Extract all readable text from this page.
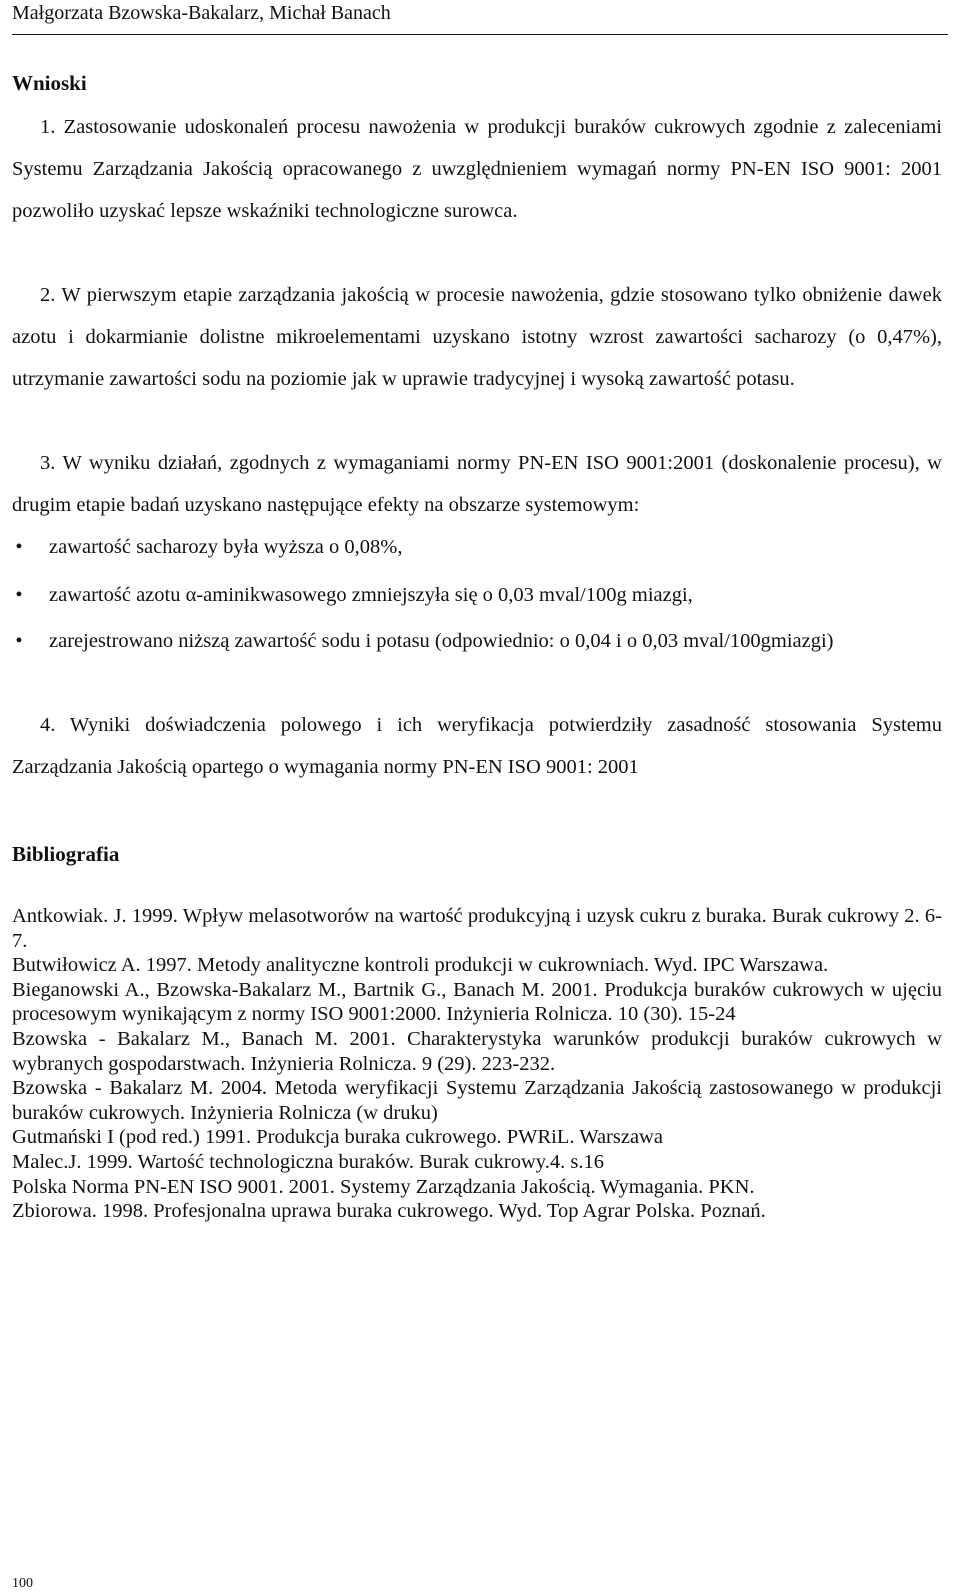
Małgorzata Bzowska-Bakalarz, Michał Banach
Wnioski
1. Zastosowanie udoskonaleń procesu nawożenia w produkcji buraków cukrowych zgodnie z zaleceniami Systemu Zarządzania Jakością opracowanego z uwzględnieniem wymagań normy PN-EN ISO 9001: 2001 pozwoliło uzyskać lepsze wskaźniki technologiczne surowca.
2. W pierwszym etapie zarządzania jakością w procesie nawożenia, gdzie stosowano tylko obniżenie dawek azotu i dokarmianie dolistne mikroelementami uzyskano istotny wzrost zawartości sacharozy (o 0,47%), utrzymanie zawartości sodu na poziomie jak w uprawie tradycyjnej i wysoką zawartość potasu.
3. W wyniku działań, zgodnych z wymaganiami normy PN-EN ISO 9001:2001 (doskonalenie procesu), w drugim etapie badań uzyskano następujące efekty na obszarze systemowym:
• zawartość sacharozy była wyższa o 0,08%,
• zawartość azotu α-aminikwasowego zmniejszyła się o 0,03 mval/100g miazgi,
• zarejestrowano niższą zawartość sodu i potasu (odpowiednio: o 0,04 i o 0,03 mval/100gmiazgi)
4. Wyniki doświadczenia polowego i ich weryfikacja potwierdziły zasadność stosowania Systemu Zarządzania Jakością opartego o wymagania normy PN-EN ISO 9001: 2001
Bibliografia

Antkowiak. J. 1999. Wpływ melasotworów na wartość produkcyjną i uzysk cukru z buraka. Burak cukrowy 2. 6-7.

Butwiłowicz A. 1997. Metody analityczne kontroli produkcji w cukrowniach. Wyd. IPC Warszawa.

Bieganowski A., Bzowska-Bakalarz M., Bartnik G., Banach M. 2001. Produkcja buraków cukrowych w ujęciu procesowym wynikającym z normy ISO 9001:2000. Inżynieria Rolnicza. 10 (30). 15-24

Bzowska - Bakalarz M., Banach M. 2001. Charakterystyka warunków produkcji buraków cukrowych w wybranych gospodarstwach. Inżynieria Rolnicza. 9 (29). 223-232.

Bzowska - Bakalarz M. 2004. Metoda weryfikacji Systemu Zarządzania Jakością zastosowanego w produkcji buraków cukrowych. Inżynieria Rolnicza (w druku)

Gutmański I (pod red.) 1991. Produkcja buraka cukrowego. PWRiL. Warszawa

Malec.J. 1999. Wartość technologiczna buraków. Burak cukrowy.4. s.16

Polska Norma PN-EN ISO 9001. 2001. Systemy Zarządzania Jakością. Wymagania. PKN.

Zbiorowa. 1998. Profesjonalna uprawa buraka cukrowego. Wyd. Top Agrar Polska. Poznań.

100
